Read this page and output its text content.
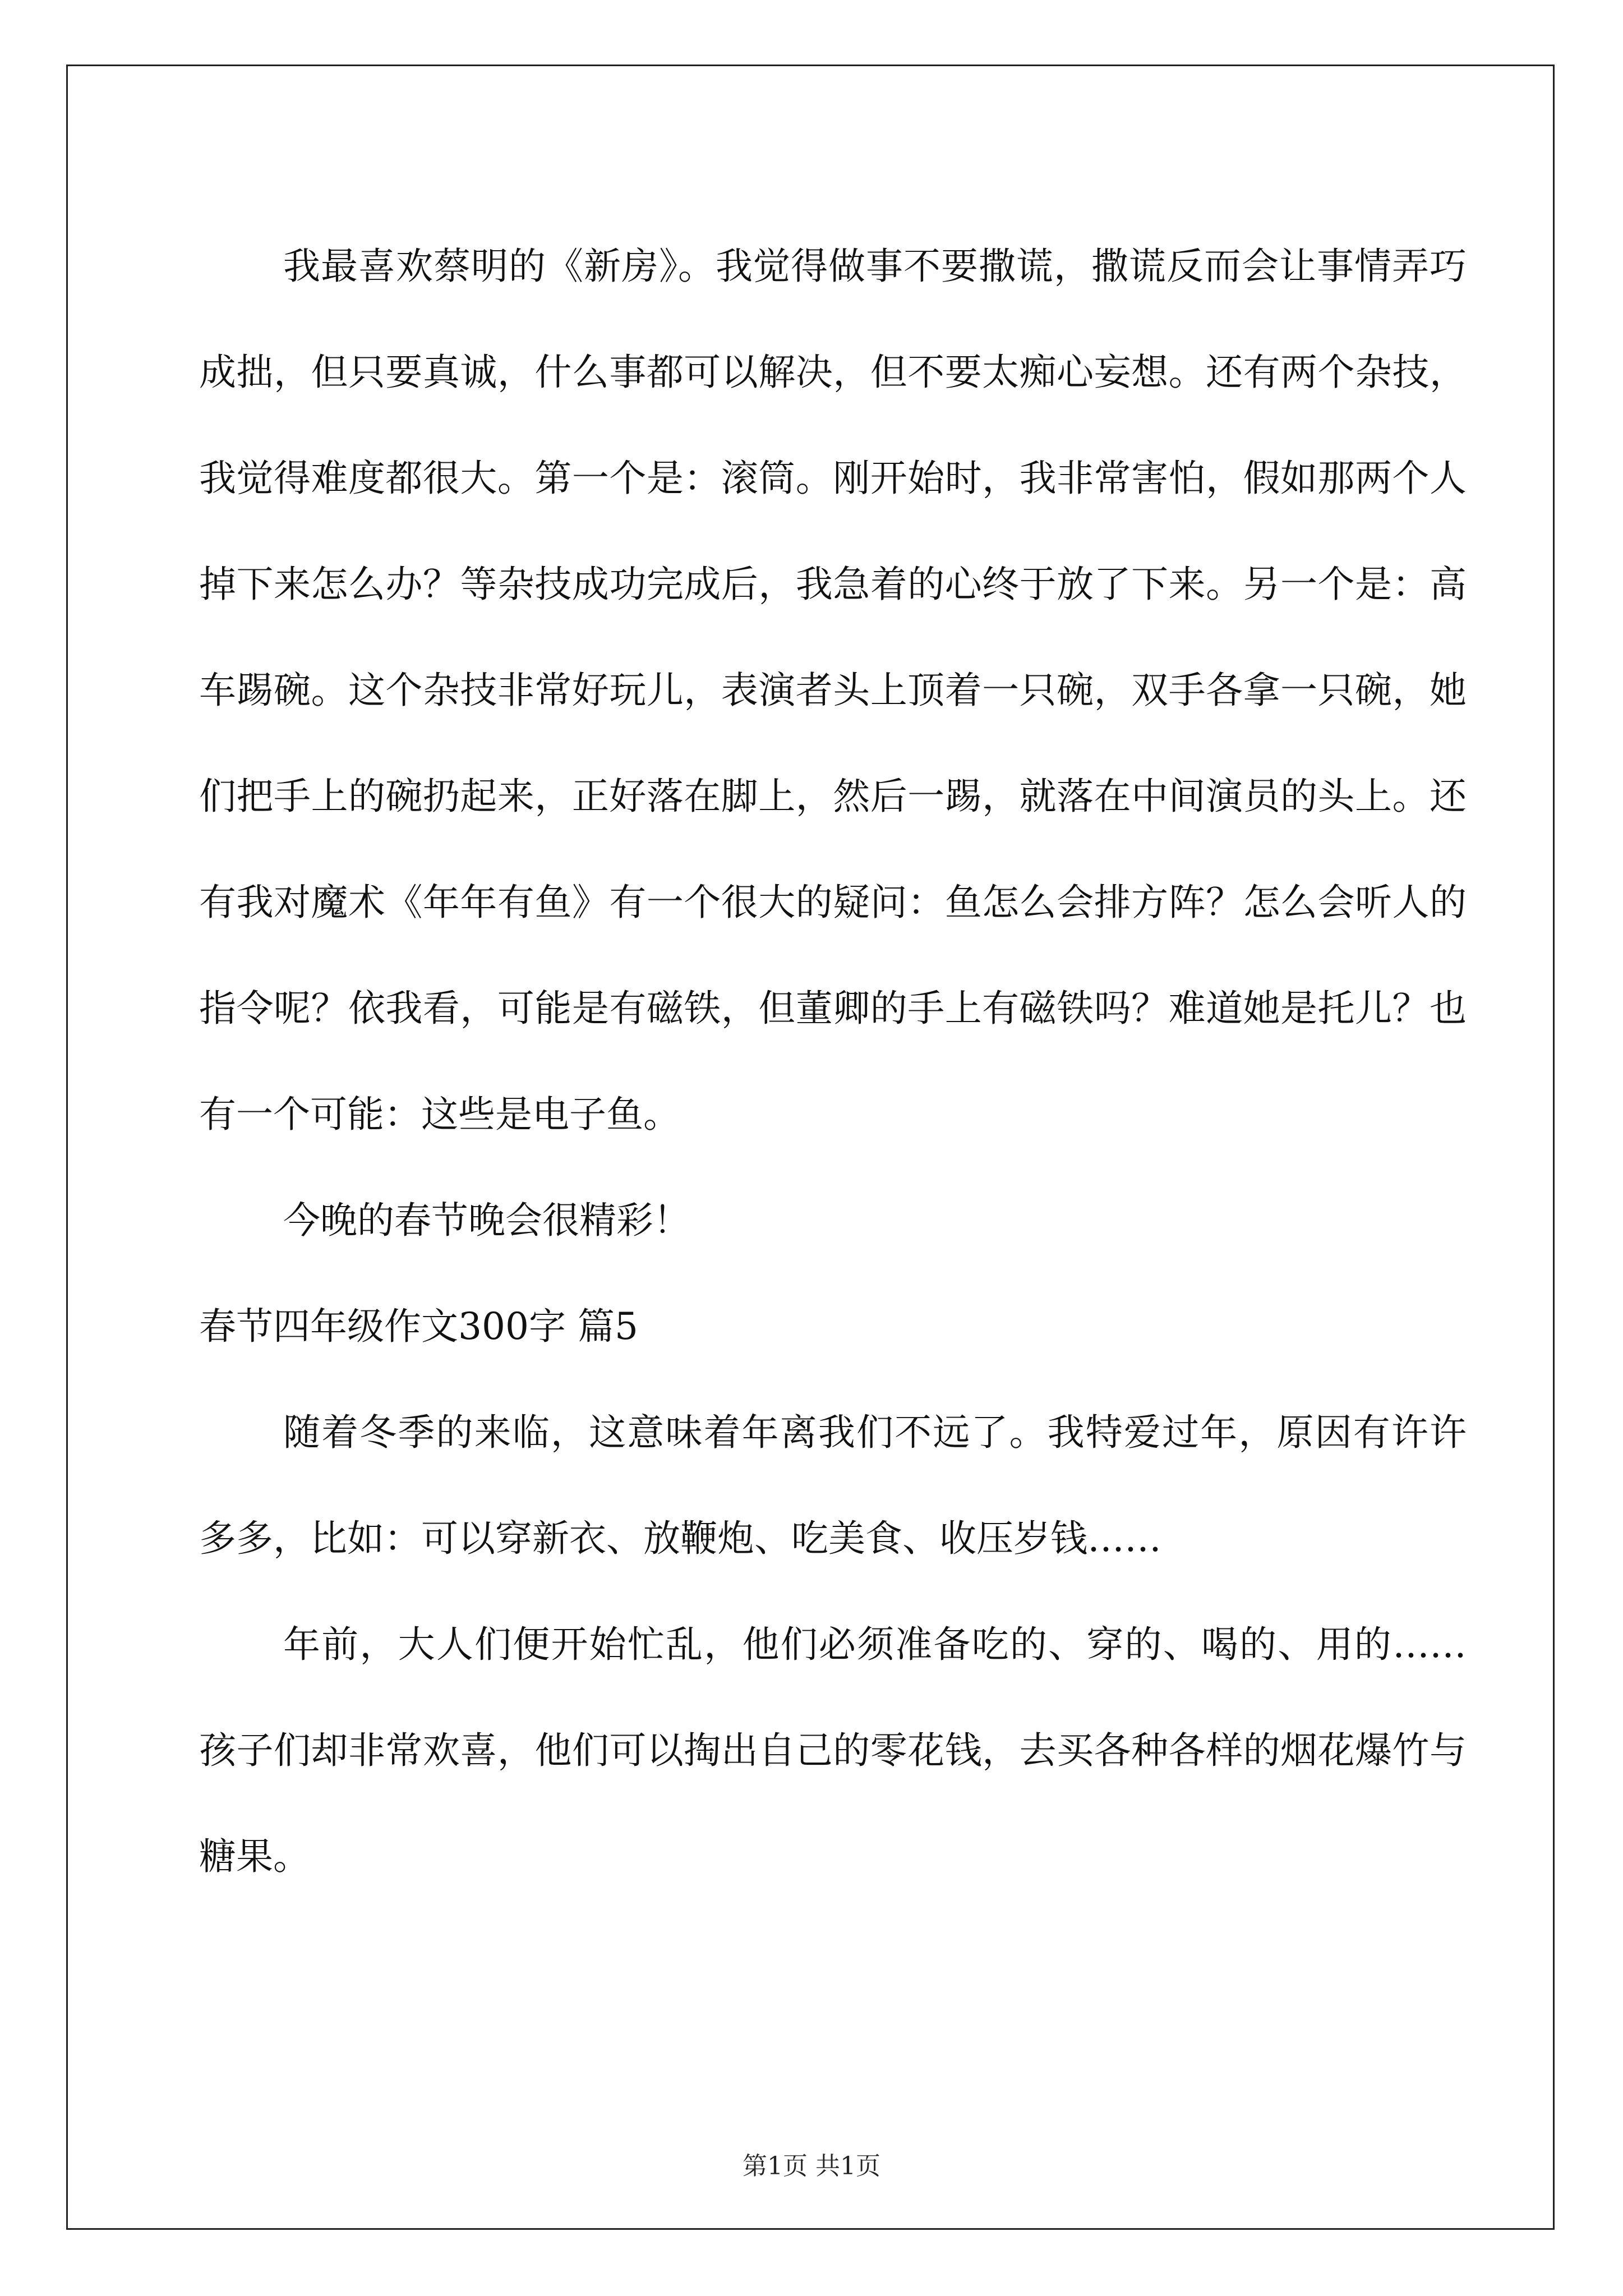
我最喜欢蔡明的《新房》。我觉得做事不要撒谎，撒谎反而会让事情弄巧成拙，但只要真诚，什么事都可以解决，但不要太痴心妄想。还有两个杂技，我觉得难度都很大。第一个是：滚筒。刚开始时，我非常害怕，假如那两个人掉下来怎么办？等杂技成功完成后，我急着的心终于放了下来。另一个是：高车踢碗。这个杂技非常好玩儿，表演者头上顶着一只碗，双手各拿一只碗，她们把手上的碗扔起来，正好落在脚上，然后一踢，就落在中间演员的头上。还有我对魔术《年年有鱼》有一个很大的疑问：鱼怎么会排方阵？怎么会听人的指令呢？依我看，可能是有磁铁，但董卿的手上有磁铁吗？难道她是托儿？也有一个可能：这些是电子鱼。

今晚的春节晚会很精彩！

春节四年级作文300字 篇5

随着冬季的来临，这意味着年离我们不远了。我特爱过年，原因有许许多多，比如：可以穿新衣、放鞭炮、吃美食、收压岁钱……

年前，大人们便开始忙乱，他们必须准备吃的、穿的、喝的、用的……孩子们却非常欢喜，他们可以掏出自己的零花钱，去买各种各样的烟花爆竹与糖果。

第1页 共1页
